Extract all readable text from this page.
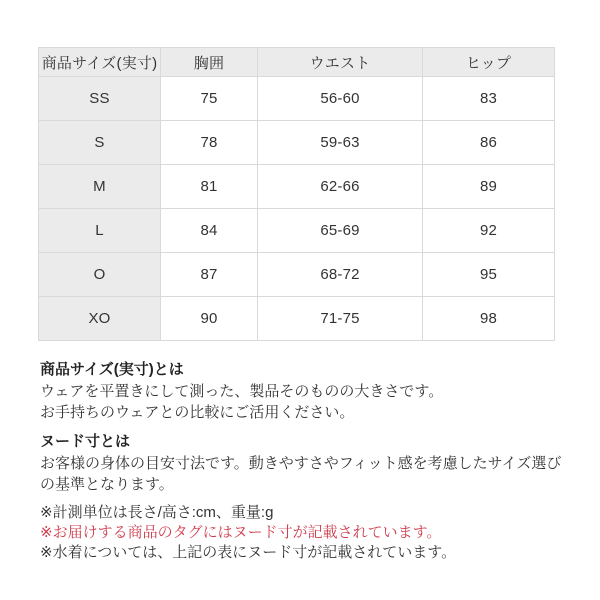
商品サイズ(実寸)	胸囲	ウエスト	ヒップ
SS	75	56-60	83
S	78	59-63	86
M	81	62-66	89
L	84	65-69	92
O	87	68-72	95
XO	90	71-75	98
商品サイズ(実寸)とは
ウェアを平置きにして測った、製品そのものの大きさです。
お手持ちのウェアとの比較にご活用ください。
ヌード寸とは
お客様の身体の目安寸法です。動きやすさやフィット感を考慮したサイズ選び
の基準となります。
※計測単位は長さ/高さ:cm、重量:g
※お届けする商品のタグにはヌード寸が記載されています。
※水着については、上記の表にヌード寸が記載されています。
